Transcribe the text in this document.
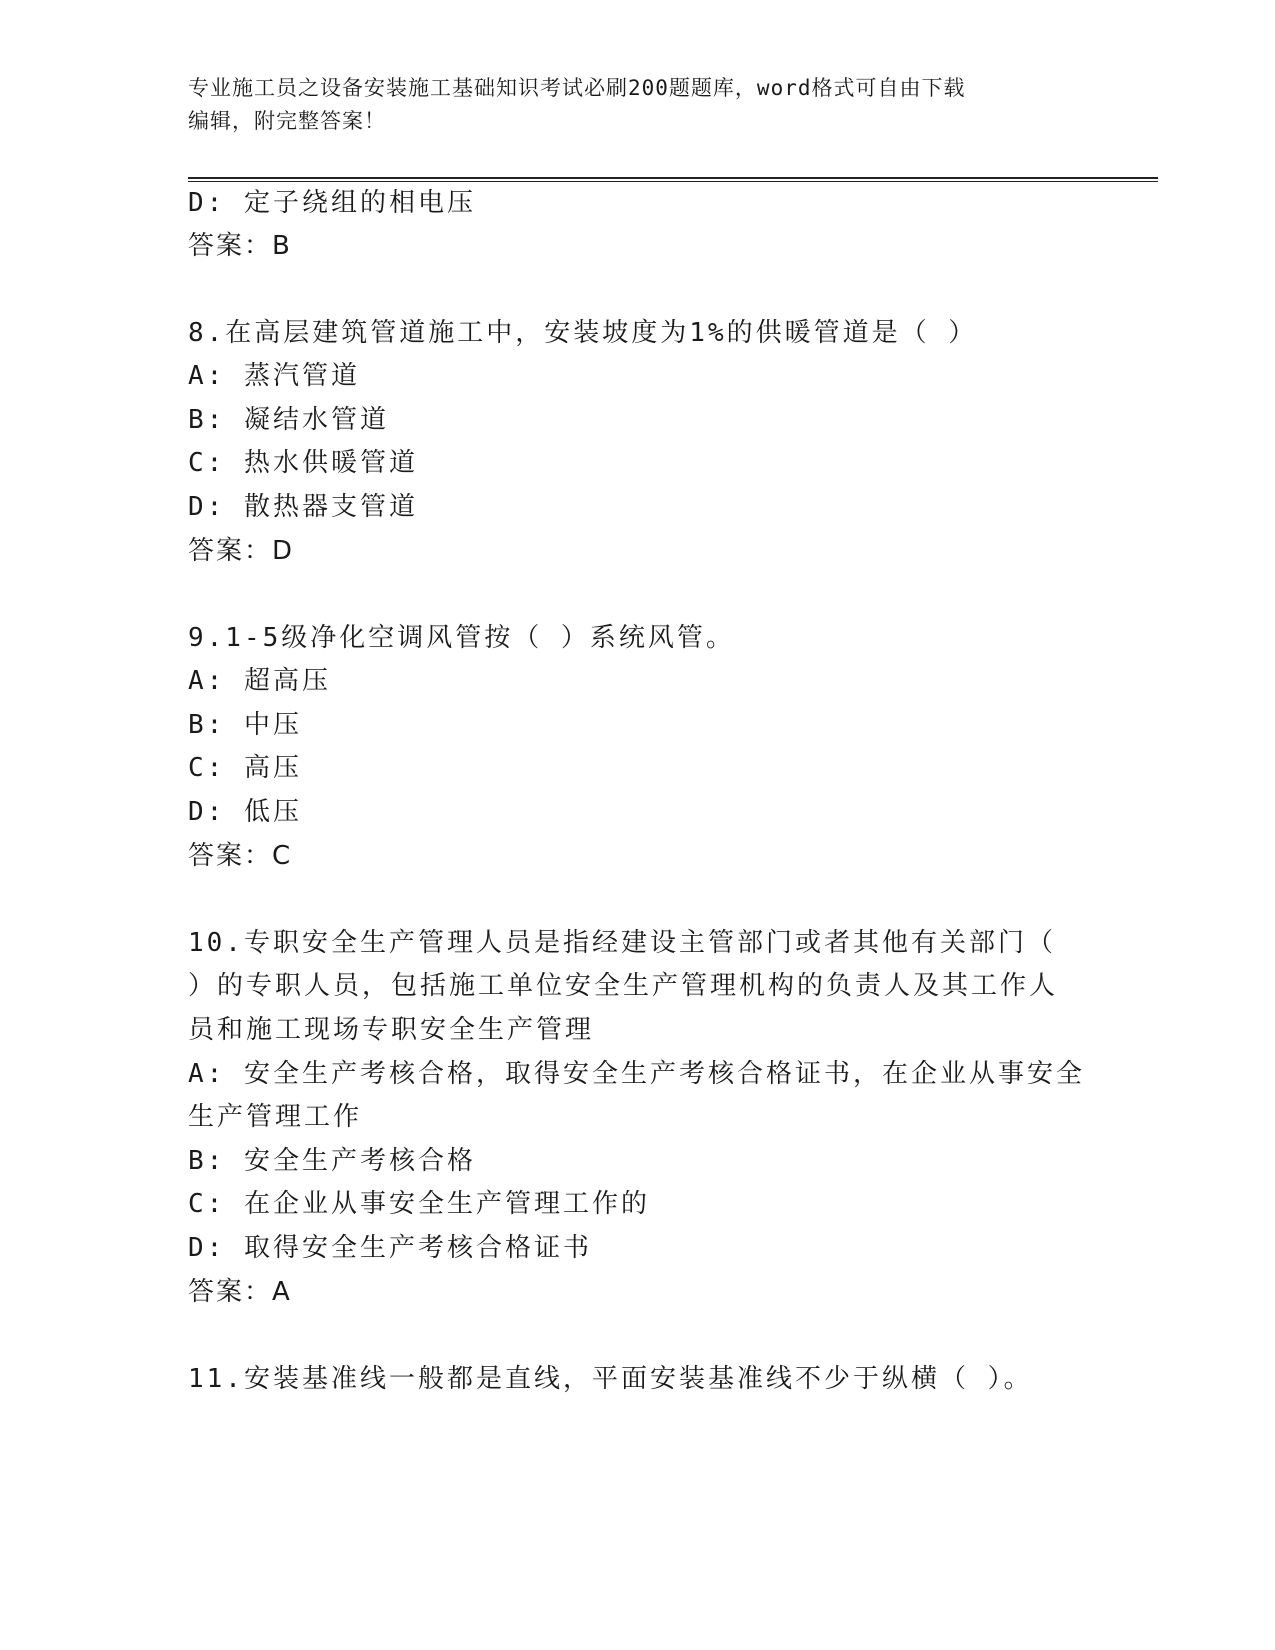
专业施工员之设备安装施工基础知识考试必刷200题题库，word格式可自由下载
编辑，附完整答案！
D: 定子绕组的相电压
答案：B
8.在高层建筑管道施工中，安装坡度为1%的供暖管道是（ ）
A: 蒸汽管道
B: 凝结水管道
C: 热水供暖管道
D: 散热器支管道
答案：D
9.1-5级净化空调风管按（ ）系统风管。
A: 超高压
B: 中压
C: 高压
D: 低压
答案：C
10.专职安全生产管理人员是指经建设主管部门或者其他有关部门（
）的专职人员，包括施工单位安全生产管理机构的负责人及其工作人
员和施工现场专职安全生产管理
A: 安全生产考核合格，取得安全生产考核合格证书，在企业从事安全
生产管理工作
B: 安全生产考核合格
C: 在企业从事安全生产管理工作的
D: 取得安全生产考核合格证书
答案：A
11.安装基准线一般都是直线，平面安装基准线不少于纵横（ ）。
